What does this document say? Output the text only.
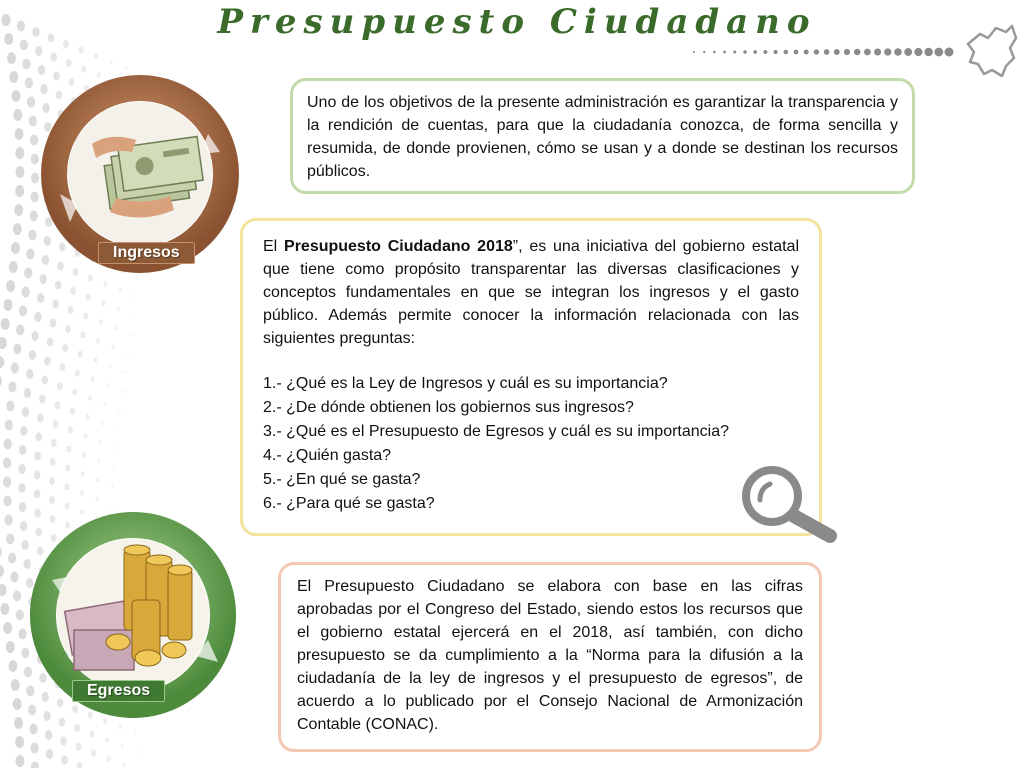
Presupuesto Ciudadano
Ingresos
Egresos

Uno de los objetivos de la presente administración es garantizar la transparencia y la rendición de cuentas, para que la ciudadanía conozca, de forma sencilla y resumida, de donde provienen, cómo se usan y a donde se destinan los recursos públicos.

El Presupuesto Ciudadano 2018”, es una iniciativa del gobierno estatal que tiene como propósito transparentar las diversas clasificaciones y conceptos fundamentales en que se integran los ingresos y el gasto público. Además permite conocer la información relacionada con las siguientes preguntas:

1.- ¿Qué es la Ley de Ingresos y cuál es su importancia?
2.- ¿De dónde obtienen los gobiernos sus ingresos?
3.- ¿Qué es el Presupuesto de Egresos y cuál es su importancia?
4.- ¿Quién gasta?
5.- ¿En qué se gasta?
6.- ¿Para qué se gasta?

El Presupuesto Ciudadano se elabora con base en las cifras aprobadas por el Congreso del Estado, siendo estos los recursos que el gobierno estatal ejercerá en el 2018, así también, con dicho presupuesto se da cumplimiento a la “Norma para la difusión a la ciudadanía de la ley de ingresos y el presupuesto de egresos”, de acuerdo a lo publicado por el Consejo Nacional de Armonización Contable (CONAC).
